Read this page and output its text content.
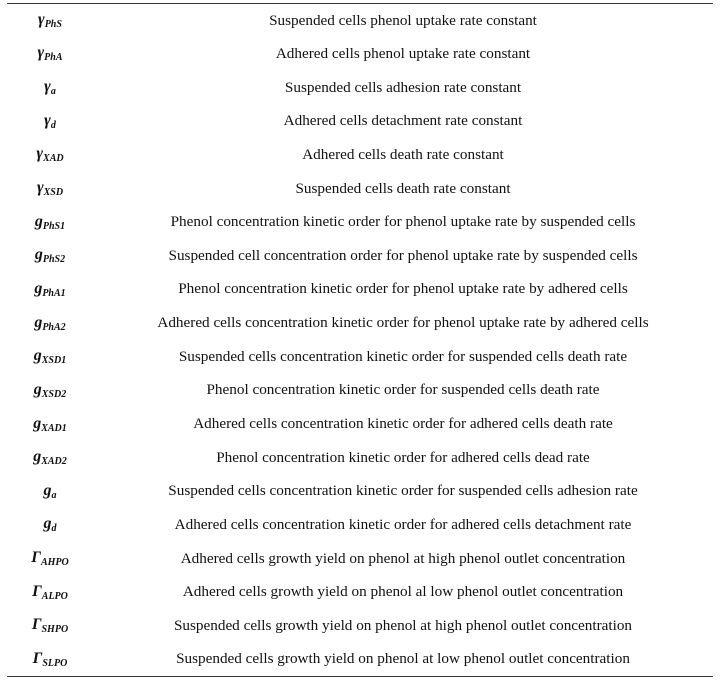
$\gamma_{PhS}$	Suspended cells phenol uptake rate constant
$\gamma_{PhA}$	Adhered cells phenol uptake rate constant
$\gamma_a$	Suspended cells adhesion rate constant
$\gamma_d$	Adhered cells detachment rate constant
$\gamma_{XAD}$	Adhered cells death rate constant
$\gamma_{XSD}$	Suspended cells death rate constant
$g_{PhS1}$	Phenol concentration kinetic order for phenol uptake rate by suspended cells
$g_{PhS2}$	Suspended cell concentration order for phenol uptake rate by suspended cells
$g_{PhA1}$	Phenol concentration kinetic order for phenol uptake rate by adhered cells
$g_{PhA2}$	Adhered cells concentration kinetic order for phenol uptake rate by adhered cells
$g_{XSD1}$	Suspended cells concentration kinetic order for suspended cells death rate
$g_{XSD2}$	Phenol concentration kinetic order for suspended cells death rate
$g_{XAD1}$	Adhered cells concentration kinetic order for adhered cells death rate
$g_{XAD2}$	Phenol concentration kinetic order for adhered cells dead rate
$g_a$	Suspended cells concentration kinetic order for suspended cells adhesion rate
$g_d$	Adhered cells concentration kinetic order for adhered cells detachment rate
$\Gamma_{AHPO}$	Adhered cells growth yield on phenol at high phenol outlet concentration
$\Gamma_{ALPO}$	Adhered cells growth yield on phenol al low phenol outlet concentration
$\Gamma_{SHPO}$	Suspended cells growth yield on phenol at high phenol outlet concentration
$\Gamma_{SLPO}$	Suspended cells growth yield on phenol at low phenol outlet concentration
